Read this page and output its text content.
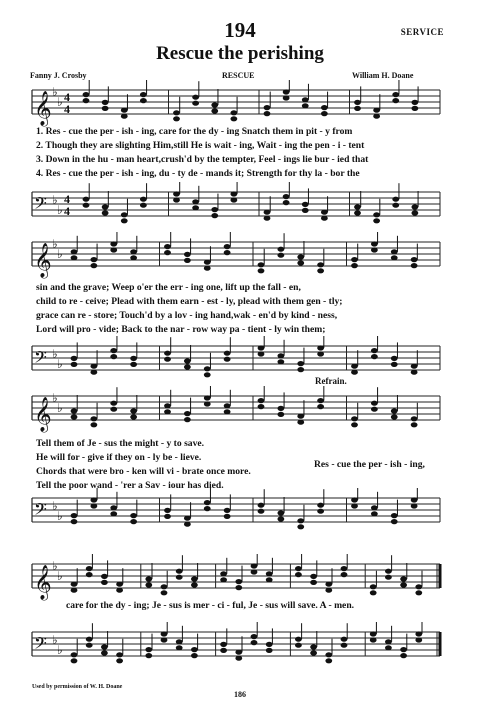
194	SERVICE
Rescue the perishing
Fanny J. Crosby	RESCUE	William H. Doane
𝄞 ♭
♭ 4
4
1. Res - cue the per - ish - ing, care for the dy - ing Snatch them in pit - y from
2. Though they are slighting Him,still He is wait - ing, Wait - ing the pen - i - tent
3. Down in the hu - man heart,crush'd by the tempter, Feel - ings lie bur - ied that
4. Res - cue the per - ish - ing, du - ty de - mands it; Strength for thy la - bor the
𝄢 ♭
♭
4
4
𝄞 ♭
♭
sin and the grave; Weep o'er the err - ing one, lift up the fall - en,
child to re - ceive; Plead with them earn - est - ly, plead with them gen - tly;
grace can re - store; Touch'd by a lov - ing hand,wak - en'd by kind - ness,
Lord will pro - vide; Back to the nar - row way pa - tient - ly win them;
𝄢 ♭
♭
Refrain.
𝄞 ♭
♭
Tell them of Je - sus the might - y to save.
He will for - give if they on - ly be - lieve.
Chords that were bro - ken will vi - brate once more.
Tell the poor wand - 'rer a Sav - iour has died.
Res - cue the per - ish - ing,
𝄢 ♭
♭
𝄞 ♭
♭
care for the dy - ing; Je - sus is mer - ci - ful, Je - sus will save. A - men.
𝄢 ♭
♭
Used by permission of W. H. Doane
186
